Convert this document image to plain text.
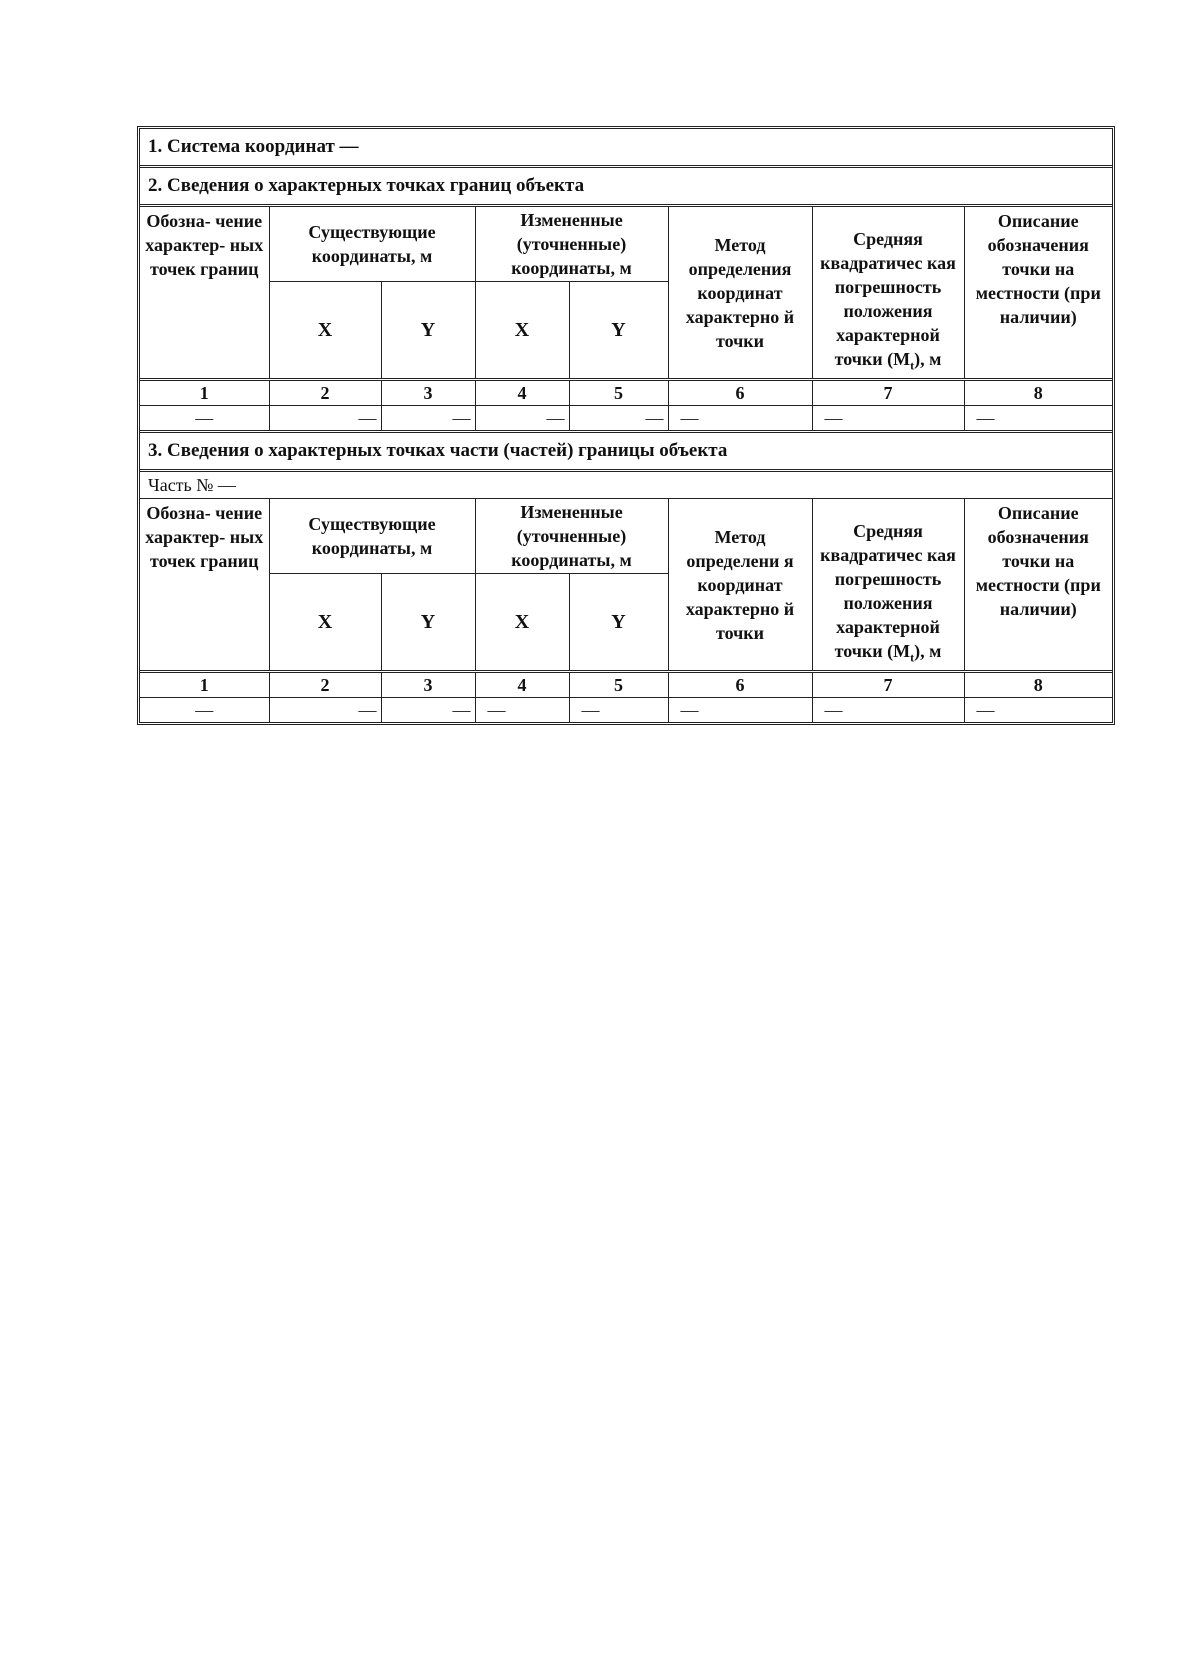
1. Система координат —
2. Сведения о характерных точках границ объекта
Обозна- чение характер- ных точек границ	Существующие координаты, м		Измененные (уточненные) координаты, м		Метод определения координат характерно й точки	Средняя квадратичес кая погрешность положения характерной точки $(M_t)$, м	Описание обозначения точки на местности (при наличии)
	X	Y	X	Y			
1	2	3	4	5	6	7	8
—	—	—	—	—	—	—	—
3. Сведения о характерных точках части (частей) границы объекта
Часть № —
Обозна- чение характер- ных точек границ	Существующие координаты, м		Измененные (уточненные) координаты, м		Метод определени я координат характерно й точки	Средняя квадратичес кая погрешность положения характерной точки $(M_t)$, м	Описание обозначения точки на местности (при наличии)
	X	Y	X	Y			
1	2	3	4	5	6	7	8
—	—	—	—	—	—	—	—
